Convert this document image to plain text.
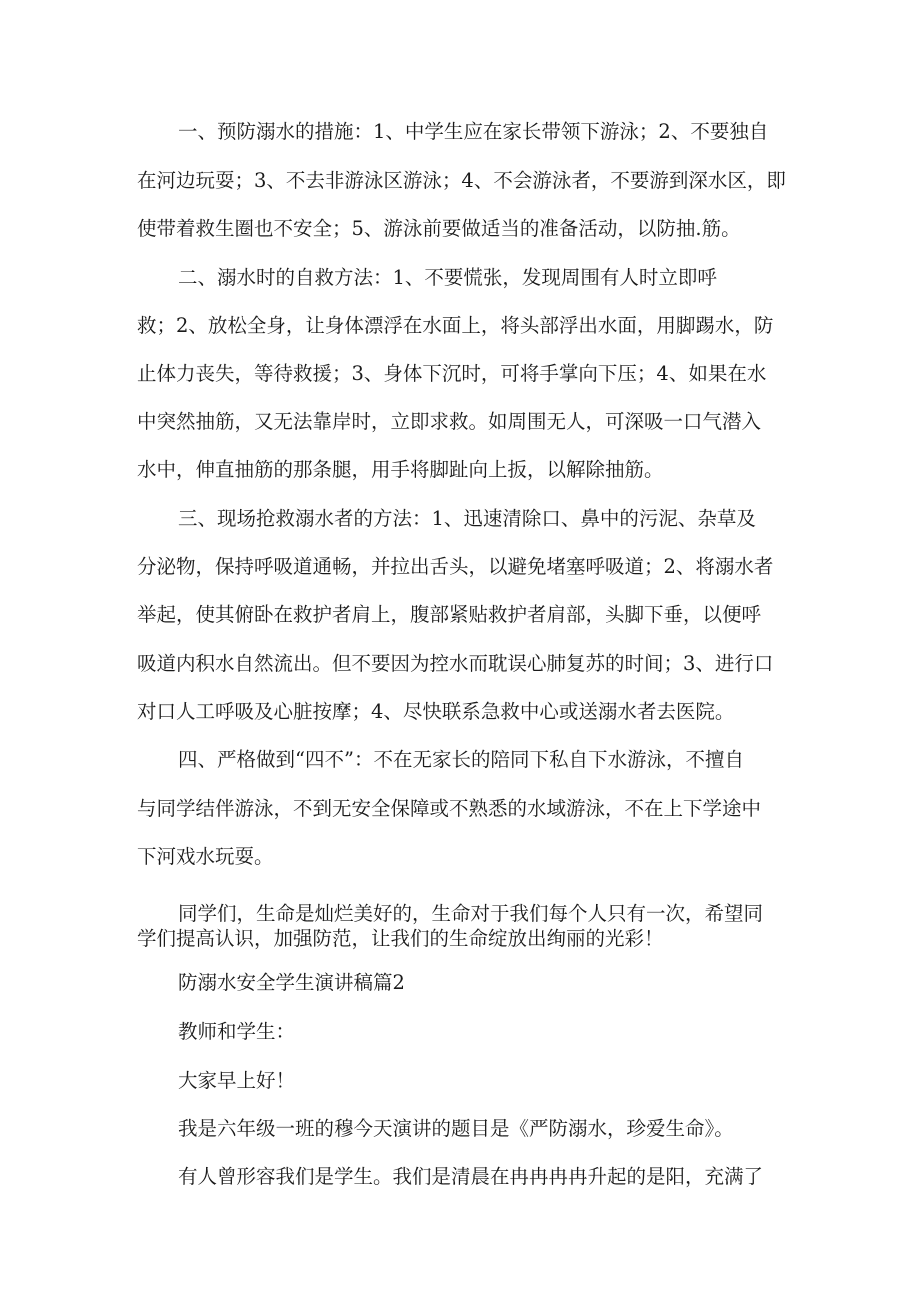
一、预防溺水的措施：1、中学生应在家长带领下游泳；2、不要独自
在河边玩耍；3、不去非游泳区游泳；4、不会游泳者，不要游到深水区，即
使带着救生圈也不安全；5、游泳前要做适当的准备活动，以防抽.筋。
二、溺水时的自救方法：1、不要慌张，发现周围有人时立即呼
救；2、放松全身，让身体漂浮在水面上，将头部浮出水面，用脚踢水，防
止体力丧失，等待救援；3、身体下沉时，可将手掌向下压；4、如果在水
中突然抽筋，又无法靠岸时，立即求救。如周围无人，可深吸一口气潜入
水中，伸直抽筋的那条腿，用手将脚趾向上扳，以解除抽筋。
三、现场抢救溺水者的方法：1、迅速清除口、鼻中的污泥、杂草及
分泌物，保持呼吸道通畅，并拉出舌头，以避免堵塞呼吸道；2、将溺水者
举起，使其俯卧在救护者肩上，腹部紧贴救护者肩部，头脚下垂，以便呼
吸道内积水自然流出。但不要因为控水而耽误心肺复苏的时间；3、进行口
对口人工呼吸及心脏按摩；4、尽快联系急救中心或送溺水者去医院。
四、严格做到“四不”：不在无家长的陪同下私自下水游泳，不擅自
与同学结伴游泳，不到无安全保障或不熟悉的水域游泳，不在上下学途中
下河戏水玩耍。
同学们，生命是灿烂美好的，生命对于我们每个人只有一次，希望同
学们提高认识，加强防范，让我们的生命绽放出绚丽的光彩！
防溺水安全学生演讲稿篇2
教师和学生：
大家早上好！
我是六年级一班的穆今天演讲的题目是《严防溺水，珍爱生命》。
有人曾形容我们是学生。我们是清晨在冉冉冉冉升起的是阳，充满了
